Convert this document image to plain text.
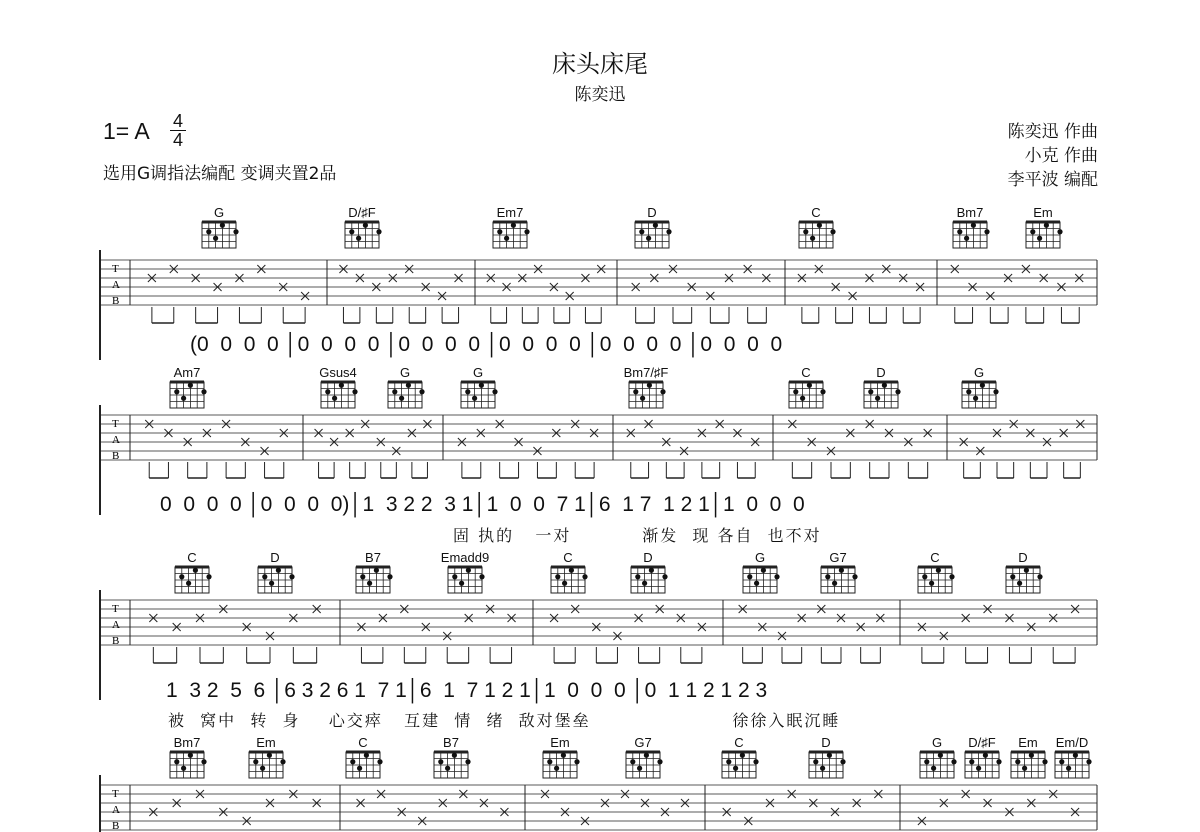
床头床尾
陈奕迅
1= A 4
4
选用G调指法编配 变调夹置2品
陈奕迅 作曲
小克 作曲
李平波 编配
(0  0  0  0 │0  0  0  0 │0  0  0  0 │0  0  0  0 │0  0  0  0 │0  0  0  0
0  0  0  0 │0  0  0  0)│1  3 2 2  3 1│1  0  0  7 1│6  1 7  1 2 1│1  0  0  0
固 执的   一对          渐发  现 各自  也不对
1  3 2  5  6 │6 3 2 6 1  7 1│6  1  7 1 2 1│1  0  0  0 │0  1 1 2 1 2 3
被  窝中  转  身    心交瘁   互建  情  绪  敌对堡垒                    徐徐入眠沉睡
G	D/♯F	Em7	D	C	Bm7	Em
Am7	Gsus4	G	G	Bm7/♯F	C	D	G
C	D	B7	Emadd9	C	D	G	G7	C	D
Bm7	Em	C	B7	Em	G7	C	D	G	D/♯F	Em	Em/D
T
A
B
T
A
B
T
A
B
T
A
B
